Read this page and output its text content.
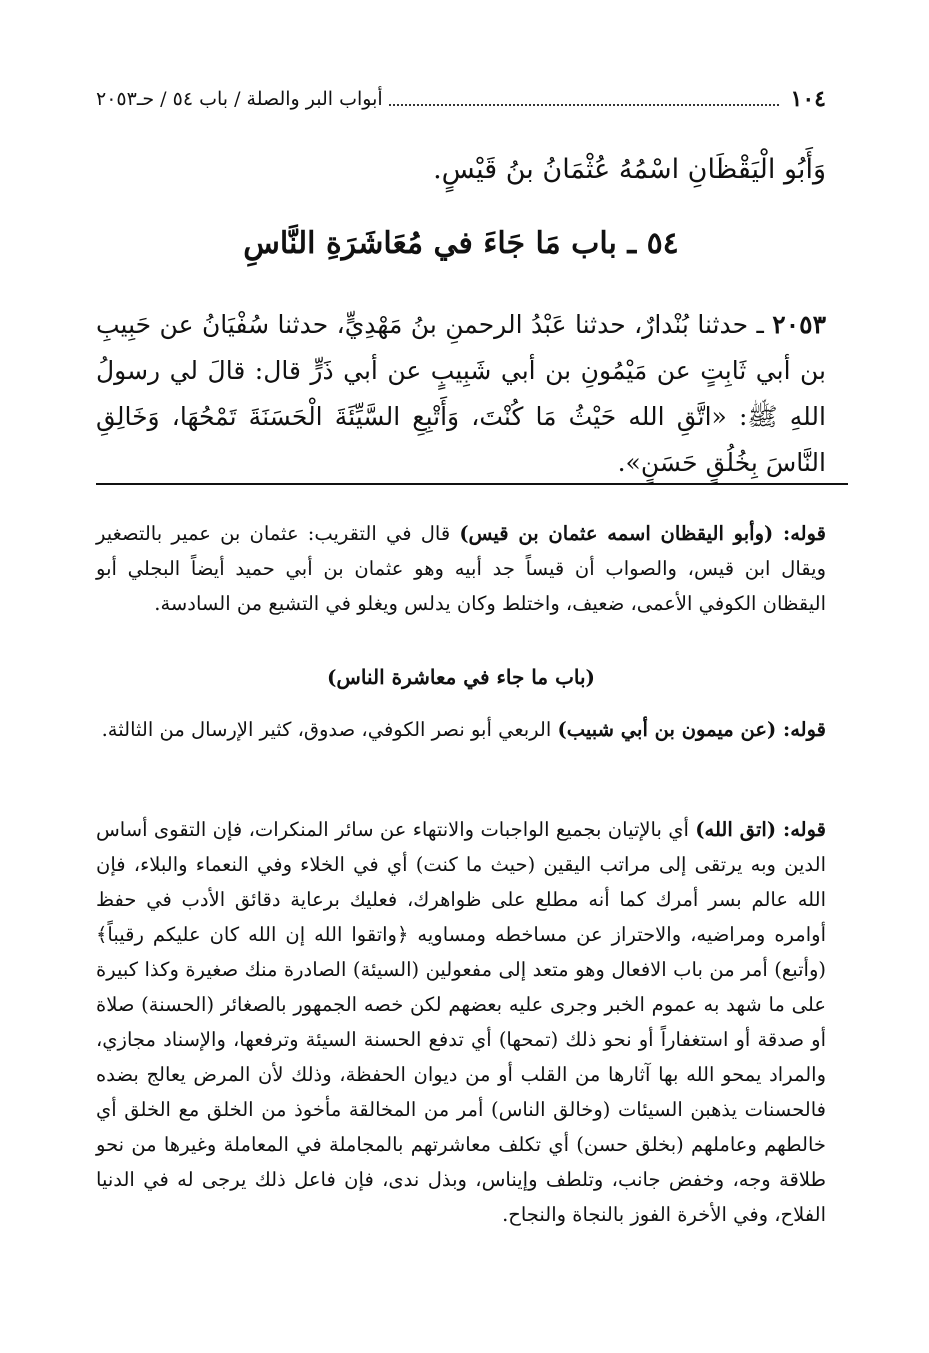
١٠٤
أبواب البر والصلة / باب ٥٤ / حـ٢٠٥٣
وَأَبُو الْيَقْظَانِ اسْمُهُ عُثْمَانُ بنُ قَيْسٍ.
٥٤ ـ باب مَا جَاءَ في مُعَاشَرَةِ النَّاسِ
٢٠٥٣ ـ حدثنا بُنْدارٌ، حدثنا عَبْدُ الرحمنِ بنُ مَهْدِيٍّ، حدثنا سُفْيَانُ عن حَبِيبِ بن أبي ثَابِتٍ عن مَيْمُونِ بن أبي شَبِيبٍ عن أبي ذَرٍّ قال: قالَ لي رسولُ اللهِ ﷺ: «اتَّقِ الله حَيْثُ مَا كُنْتَ، وَأَتْبِعِ السَّيِّئَةَ الْحَسَنَةَ تَمْحُهَا، وَخَالِقِ النَّاسَ بِخُلُقٍ حَسَنٍ».
قوله: (وأبو اليقظان اسمه عثمان بن قيس) قال في التقريب: عثمان بن عمير بالتصغير ويقال ابن قيس، والصواب أن قيساً جد أبيه وهو عثمان بن أبي حميد أيضاً البجلي أبو اليقظان الكوفي الأعمى، ضعيف، واختلط وكان يدلس ويغلو في التشيع من السادسة.
(باب ما جاء في معاشرة الناس)
قوله: (عن ميمون بن أبي شبيب) الربعي أبو نصر الكوفي، صدوق، كثير الإرسال من الثالثة.
قوله: (اتق الله) أي بالإتيان بجميع الواجبات والانتهاء عن سائر المنكرات، فإن التقوى أساس الدين وبه يرتقى إلى مراتب اليقين (حيث ما كنت) أي في الخلاء وفي النعماء والبلاء، فإن الله عالم بسر أمرك كما أنه مطلع على ظواهرك، فعليك برعاية دقائق الأدب في حفظ أوامره ومراضيه، والاحتراز عن مساخطه ومساويه ﴿واتقوا الله إن الله كان عليكم رقيباً﴾ (وأتبع) أمر من باب الافعال وهو متعد إلى مفعولين (السيئة) الصادرة منك صغيرة وكذا كبيرة على ما شهد به عموم الخبر وجرى عليه بعضهم لكن خصه الجمهور بالصغائر (الحسنة) صلاة أو صدقة أو استغفاراً أو نحو ذلك (تمحها) أي تدفع الحسنة السيئة وترفعها، والإسناد مجازي، والمراد يمحو الله بها آثارها من القلب أو من ديوان الحفظة، وذلك لأن المرض يعالج بضده فالحسنات يذهبن السيئات (وخالق الناس) أمر من المخالقة مأخوذ من الخلق مع الخلق أي خالطهم وعاملهم (بخلق حسن) أي تكلف معاشرتهم بالمجاملة في المعاملة وغيرها من نحو طلاقة وجه، وخفض جانب، وتلطف وإيناس، وبذل ندى، فإن فاعل ذلك يرجى له في الدنيا الفلاح، وفي الأخرة الفوز بالنجاة والنجاح.
